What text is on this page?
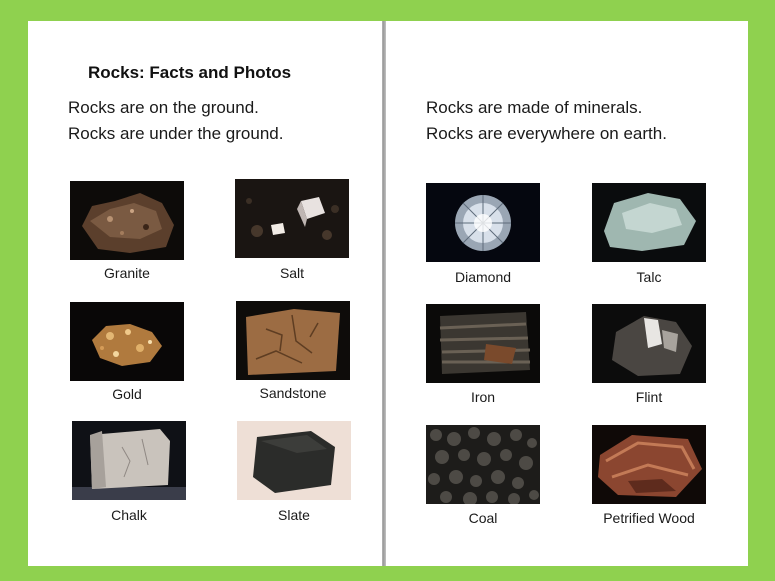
Rocks: Facts and Photos
Rocks are on the ground.
Rocks are under the ground.
Granite	Salt
Gold	Sandstone
Chalk	Slate
Rocks are made of minerals.
Rocks are everywhere on earth.
Diamond	Talc
Iron	Flint
Coal	Petrified Wood
